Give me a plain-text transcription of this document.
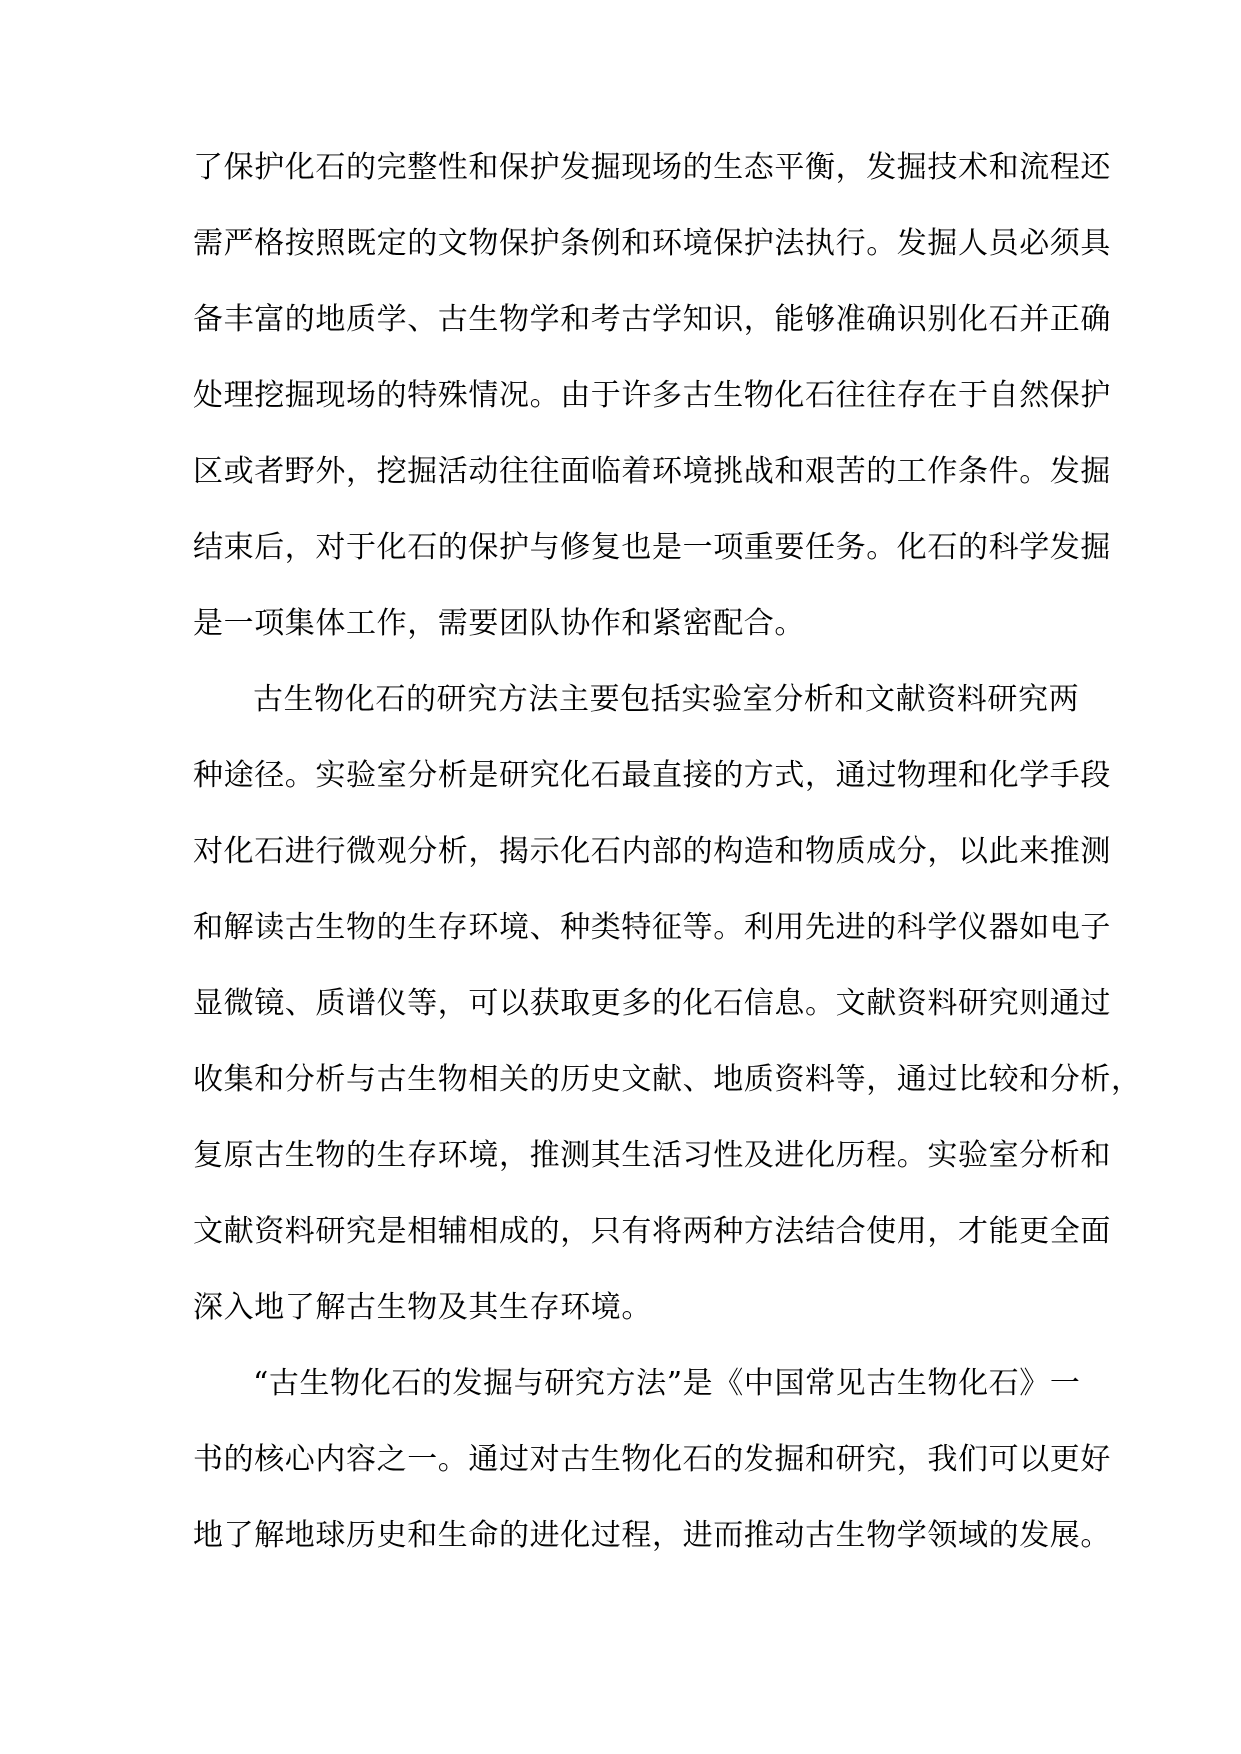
了保护化石的完整性和保护发掘现场的生态平衡，发掘技术和流程还
需严格按照既定的文物保护条例和环境保护法执行。发掘人员必须具
备丰富的地质学、古生物学和考古学知识，能够准确识别化石并正确
处理挖掘现场的特殊情况。由于许多古生物化石往往存在于自然保护
区或者野外，挖掘活动往往面临着环境挑战和艰苦的工作条件。发掘
结束后，对于化石的保护与修复也是一项重要任务。化石的科学发掘
是一项集体工作，需要团队协作和紧密配合。
古生物化石的研究方法主要包括实验室分析和文献资料研究两
种途径。实验室分析是研究化石最直接的方式，通过物理和化学手段
对化石进行微观分析，揭示化石内部的构造和物质成分，以此来推测
和解读古生物的生存环境、种类特征等。利用先进的科学仪器如电子
显微镜、质谱仪等，可以获取更多的化石信息。文献资料研究则通过
收集和分析与古生物相关的历史文献、地质资料等，通过比较和分析，
复原古生物的生存环境，推测其生活习性及进化历程。实验室分析和
文献资料研究是相辅相成的，只有将两种方法结合使用，才能更全面
深入地了解古生物及其生存环境。
“古生物化石的发掘与研究方法”是《中国常见古生物化石》一
书的核心内容之一。通过对古生物化石的发掘和研究，我们可以更好
地了解地球历史和生命的进化过程，进而推动古生物学领域的发展。
